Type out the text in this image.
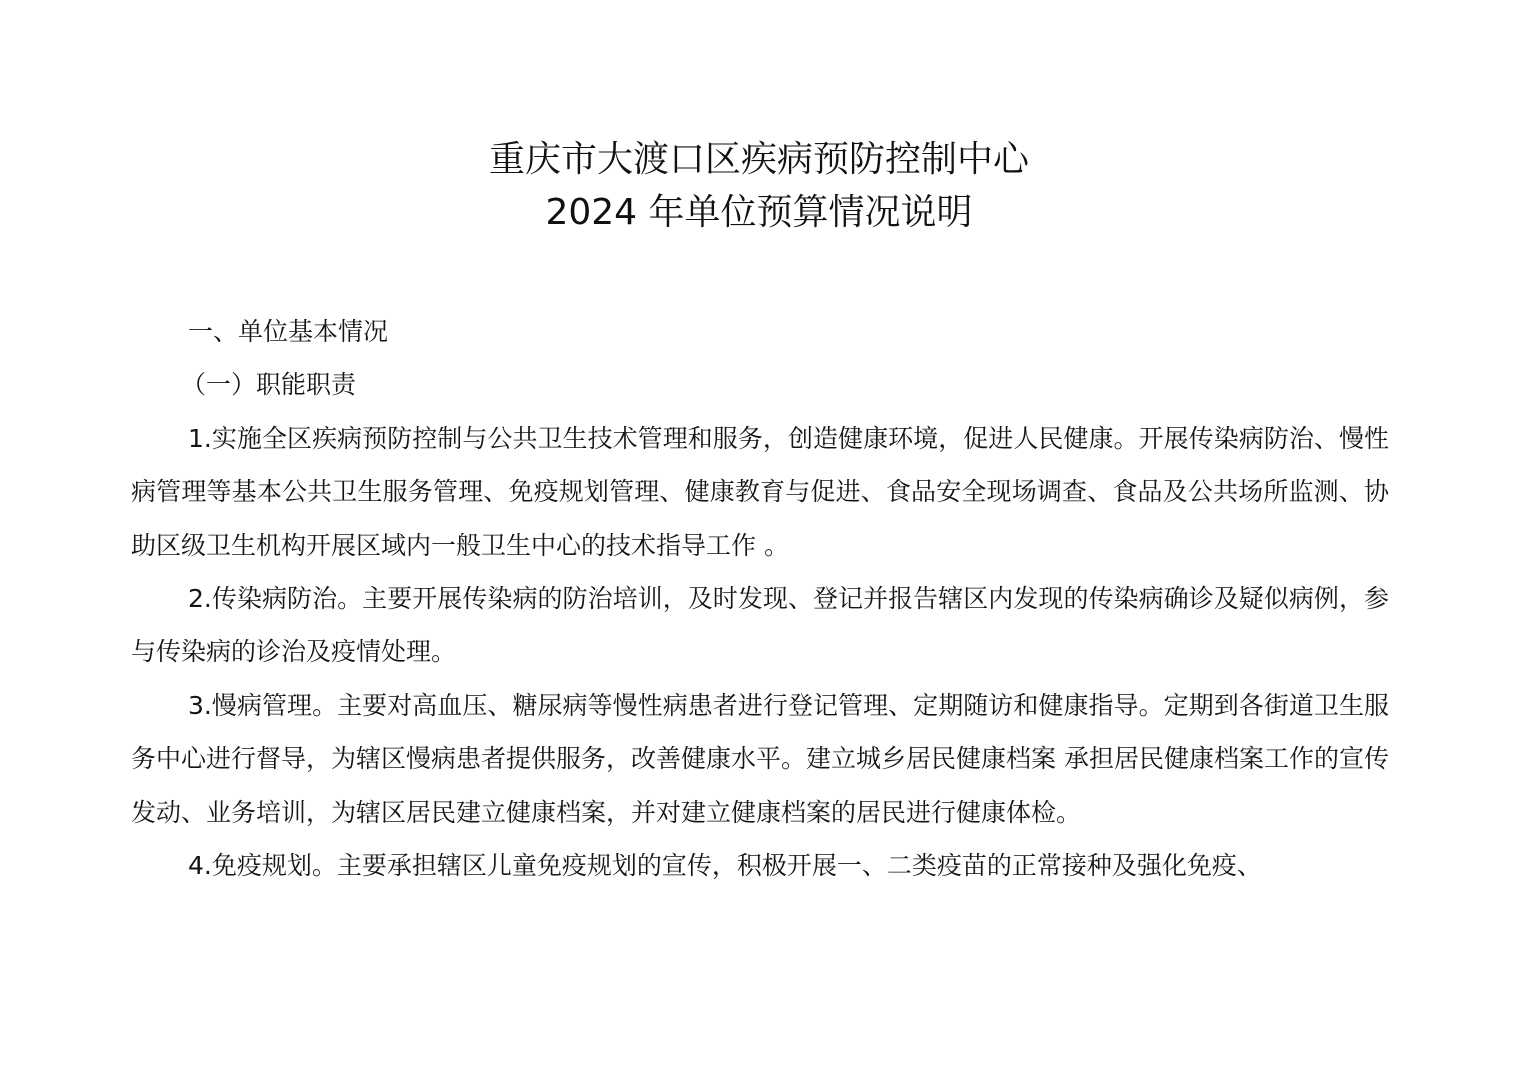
重庆市大渡口区疾病预防控制中心
2024 年单位预算情况说明

一、单位基本情况

（一）职能职责

1.实施全区疾病预防控制与公共卫生技术管理和服务，创造健康环境，促进人民健康。开展传染病防治、慢性病管理等基本公共卫生服务管理、免疫规划管理、健康教育与促进、食品安全现场调查、食品及公共场所监测、协助区级卫生机构开展区域内一般卫生中心的技术指导工作 。

2.传染病防治。主要开展传染病的防治培训，及时发现、登记并报告辖区内发现的传染病确诊及疑似病例，参与传染病的诊治及疫情处理。

3.慢病管理。主要对高血压、糖尿病等慢性病患者进行登记管理、定期随访和健康指导。定期到各街道卫生服务中心进行督导，为辖区慢病患者提供服务，改善健康水平。建立城乡居民健康档案 承担居民健康档案工作的宣传发动、业务培训，为辖区居民建立健康档案，并对建立健康档案的居民进行健康体检。

4.免疫规划。主要承担辖区儿童免疫规划的宣传，积极开展一、二类疫苗的正常接种及强化免疫、
